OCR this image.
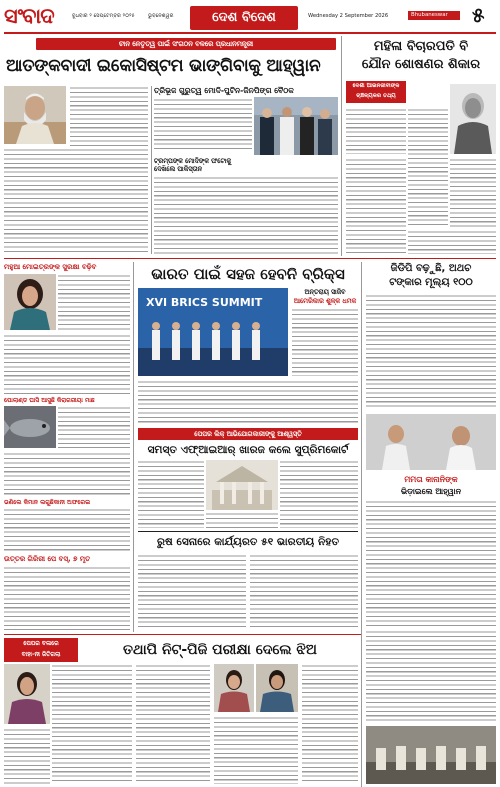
ସଂବାଦ	ବୁଧବାର ୨ ସେପ୍ଟେମ୍ବର ୨୦୨୫	ଭୁବନେଶ୍ୱର	ଦେଶ ବିଦେଶ	Wednesday 2 September 2026	Bhubaneswar	୫
ଚୀନ ନେତୃତ୍ୱ ପାଇଁ ସଂଗଠନ ବଳରେ ପ୍ରଧାନମନ୍ତ୍ରୀ
ଆତଙ୍କବାଦୀ ଇକୋସିଷ୍ଟମ ଭାଙ୍ଗିବାକୁ ଆହ୍ୱାନ
ତ୍ରିଭୂଜ ଗୁରୁତ୍ୱ ମୋଦି-ପୁଟିନ-ଜିନପିଙ୍ଗ ବୈଠକ
ଟ୍ରମ୍ପଙ୍କ ମୋଦିଙ୍କ ଫଟୋକୁ ଦେଖିଲେ ପାକିସ୍ତାନ
ମହିଳା ବିଚାରପତି ବି
ଯୌନ ଶୋଷଣର ଶିକାର
ଦେଶୀ ଆଇନଜୀବୀଙ୍କ
ଚାଞ୍ଚଳ୍ୟକର ତଥ୍ୟ
ମହୁଆ ମୋଇତ୍ରଙ୍କ ସୁରକ୍ଷା ବଢ଼ିବ
ପୋଲାଣ୍ଡ ଘାସି ଆସୁଛି କିରାଗରୀୟା ମାଛ
ଭଣିଲେ କିମାନ ଲଗୁଛିକାନୀ ଅଫରେଇ
ଉତ୍ତର ଗିରିରୀ ପେ ବସ୍, ୭ ମୃତ
ଭାରତ ପାଇଁ ସହଜ ହେବନି ବ୍ରିକ୍ସ
XVI BRICS SUMMIT
ଅନ୍ତରାୟ ସାଜିବ
ଆମେରିକାର ଶୁଳ୍କ ଧମକ
ଜିଡିପି ବଢ଼ୁଛି, ଅଥଚ
ଟଙ୍କାର ମୂଲ୍ୟ ୧୦୦
ମମତା କାନାନିଙ୍କ
ଭିଡ଼ାଇଲେ ଆହ୍ୱାନ
ପେପର ଲିକ୍ ଆଭିଯୋଗକାରୀଙ୍କୁ ଆଶ୍ୱସ୍ତି
ସମସ୍ତ ଏଫ୍ଆଇଆର୍ ଖାରଜ କଲେ ସୁପ୍ରିମକୋର୍ଟ
ରୁଷ ସେନାରେ କାର୍ଯ୍ୟରତ ୫୧ ଭାରତୀୟ ନିହତ
ପେପର ବଳାରେ
ବାହା-ନୀ ଜିତିଗଲା	ତଥାପି ନିଟ୍-ପିଜି ପରୀକ୍ଷା ଦେଲେ ଝିଅ
